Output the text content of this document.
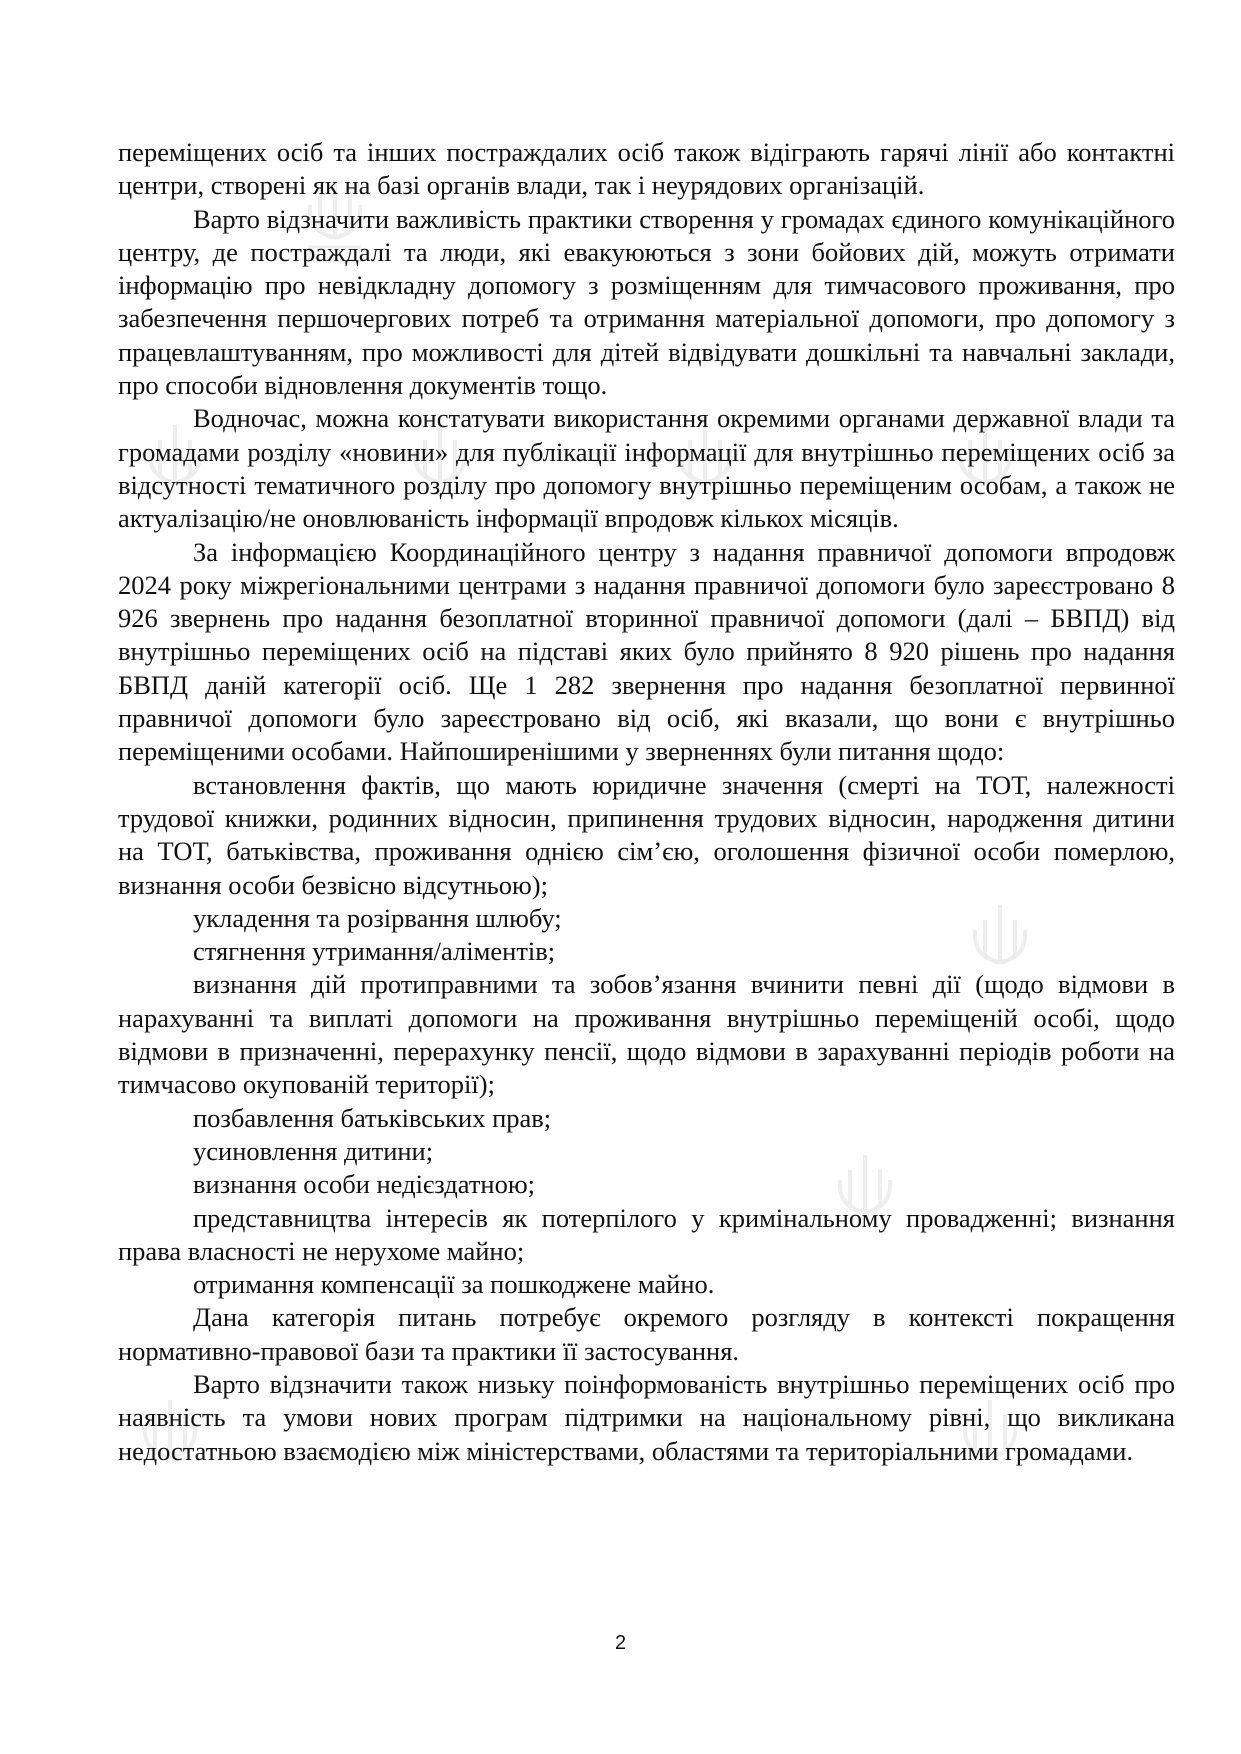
переміщених осіб та інших постраждалих осіб також відіграють гарячі лінії або контактні центри, створені як на базі органів влади, так і неурядових організацій.

Варто відзначити важливість практики створення у громадах єдиного комунікаційного центру, де постраждалі та люди, які евакуюються з зони бойових дій, можуть отримати інформацію про невідкладну допомогу з розміщенням для тимчасового проживання, про забезпечення першочергових потреб та отримання матеріальної допомоги, про допомогу з працевлаштуванням, про можливості для дітей відвідувати дошкільні та навчальні заклади, про способи відновлення документів тощо.

Водночас, можна констатувати використання окремими органами державної влади та громадами розділу «новини» для публікації інформації для внутрішньо переміщених осіб за відсутності тематичного розділу про допомогу внутрішньо переміщеним особам, а також не актуалізацію/не оновлюваність інформації впродовж кількох місяців.

За інформацією Координаційного центру з надання правничої допомоги впродовж 2024 року міжрегіональними центрами з надання правничої допомоги було зареєстровано 8 926 звернень про надання безоплатної вторинної правничої допомоги (далі – БВПД) від внутрішньо переміщених осіб на підставі яких було прийнято 8 920 рішень про надання БВПД даній категорії осіб. Ще 1 282 звернення про надання безоплатної первинної правничої допомоги було зареєстровано від осіб, які вказали, що вони є внутрішньо переміщеними особами. Найпоширенішими у зверненнях були питання щодо:

встановлення фактів, що мають юридичне значення (смерті на ТОТ, належності трудової книжки, родинних відносин, припинення трудових відносин, народження дитини на ТОТ, батьківства, проживання однією сім’єю, оголошення фізичної особи померлою, визнання особи безвісно відсутньою);

укладення та розірвання шлюбу;

стягнення утримання/аліментів;

визнання дій протиправними та зобов’язання вчинити певні дії (щодо відмови в нарахуванні та виплаті допомоги на проживання внутрішньо переміщеній особі, щодо відмови в призначенні, перерахунку пенсії, щодо відмови в зарахуванні періодів роботи на тимчасово окупованій території);

позбавлення батьківських прав;

усиновлення дитини;

визнання особи недієздатною;

представництва інтересів як потерпілого у кримінальному провадженні; визнання права власності не нерухоме майно;

отримання компенсації за пошкоджене майно.

Дана категорія питань потребує окремого розгляду в контексті покращення нормативно-правової бази та практики її застосування.

Варто відзначити також низьку поінформованість внутрішньо переміщених осіб про наявність та умови нових програм підтримки на національному рівні, що викликана недостатньою взаємодією між міністерствами, областями та територіальними громадами.

2
